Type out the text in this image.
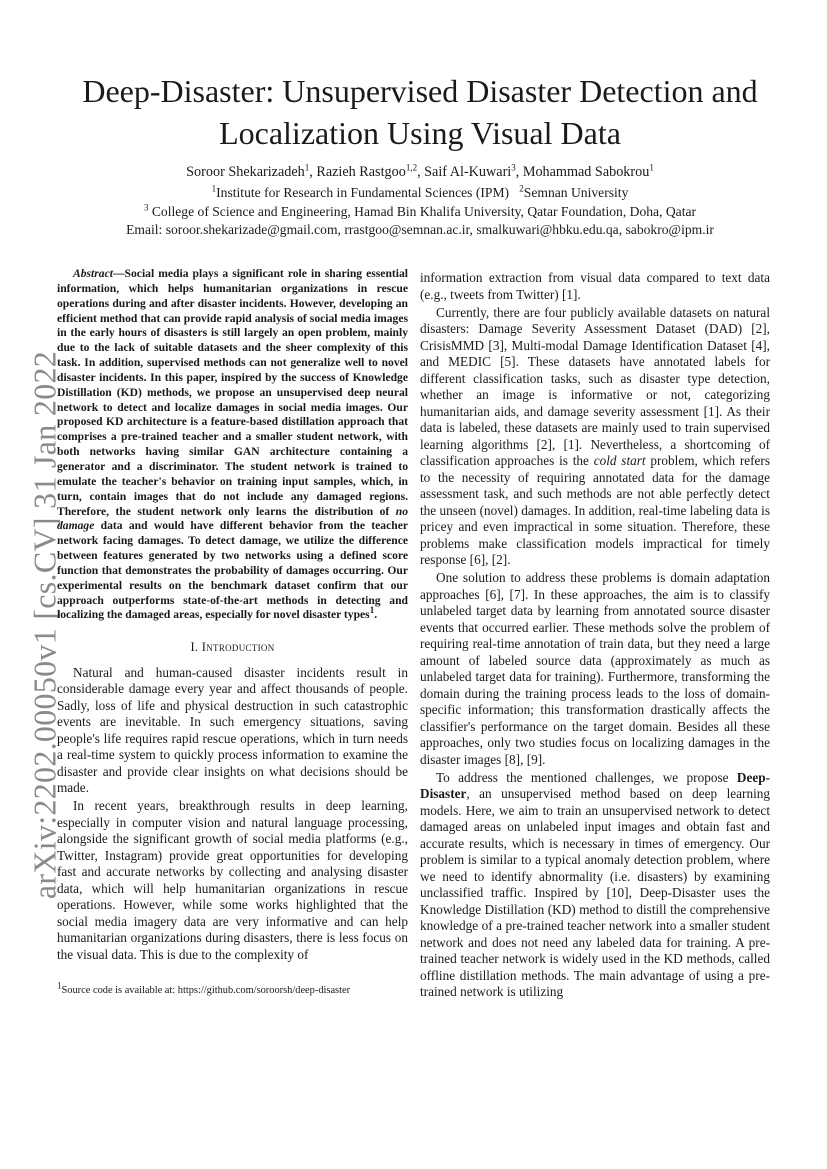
Deep-Disaster: Unsupervised Disaster Detection and
Localization Using Visual Data
Soroor Shekarizadeh$^1$, Razieh Rastgoo$^{1,2}$, Saif Al-Kuwari$^3$, Mohammad Sabokrou$^1$
$^1$Institute for Research in Fundamental Sciences (IPM) $^2$Semnan University
$^3$ College of Science and Engineering, Hamad Bin Khalifa University, Qatar Foundation, Doha, Qatar
Email: soroor.shekarizade@gmail.com, rrastgoo@semnan.ac.ir, smalkuwari@hbku.edu.qa, sabokro@ipm.ir
arXiv:2202.00050v1 [cs.CV] 31 Jan 2022

Abstract—Social media plays a significant role in sharing essential information, which helps humanitarian organizations in rescue operations during and after disaster incidents. However, developing an efficient method that can provide rapid analysis of social media images in the early hours of disasters is still largely an open problem, mainly due to the lack of suitable datasets and the sheer complexity of this task. In addition, supervised methods can not generalize well to novel disaster incidents. In this paper, inspired by the success of Knowledge Distillation (KD) methods, we propose an unsupervised deep neural network to detect and localize damages in social media images. Our proposed KD architecture is a feature-based distillation approach that comprises a pre-trained teacher and a smaller student network, with both networks having similar GAN architecture containing a generator and a discriminator. The student network is trained to emulate the teacher's behavior on training input samples, which, in turn, contain images that do not include any damaged regions. Therefore, the student network only learns the distribution of no damage data and would have different behavior from the teacher network facing damages. To detect damage, we utilize the difference between features generated by two networks using a defined score function that demonstrates the probability of damages occurring. Our experimental results on the benchmark dataset confirm that our approach outperforms state-of-the-art methods in detecting and localizing the damaged areas, especially for novel disaster types$^1$.

I. Introduction

Natural and human-caused disaster incidents result in considerable damage every year and affect thousands of people. Sadly, loss of life and physical destruction in such catastrophic events are inevitable. In such emergency situations, saving people's life requires rapid rescue operations, which in turn needs a real-time system to quickly process information to examine the disaster and provide clear insights on what decisions should be made.

In recent years, breakthrough results in deep learning, especially in computer vision and natural language processing, alongside the significant growth of social media platforms (e.g., Twitter, Instagram) provide great opportunities for developing fast and accurate networks by collecting and analysing disaster data, which will help humanitarian organizations in rescue operations. However, while some works highlighted that the social media imagery data are very informative and can help humanitarian organizations during disasters, there is less focus on the visual data. This is due to the complexity of

$^1$Source code is available at: https://github.com/soroorsh/deep-disaster

information extraction from visual data compared to text data (e.g., tweets from Twitter) [1].

Currently, there are four publicly available datasets on natural disasters: Damage Severity Assessment Dataset (DAD) [2], CrisisMMD [3], Multi-modal Damage Identification Dataset [4], and MEDIC [5]. These datasets have annotated labels for different classification tasks, such as disaster type detection, whether an image is informative or not, categorizing humanitarian aids, and damage severity assessment [1]. As their data is labeled, these datasets are mainly used to train supervised learning algorithms [2], [1]. Nevertheless, a shortcoming of classification approaches is the cold start problem, which refers to the necessity of requiring annotated data for the damage assessment task, and such methods are not able perfectly detect the unseen (novel) damages. In addition, real-time labeling data is pricey and even impractical in some situation. Therefore, these problems make classification models impractical for timely response [6], [2].

One solution to address these problems is domain adaptation approaches [6], [7]. In these approaches, the aim is to classify unlabeled target data by learning from annotated source disaster events that occurred earlier. These methods solve the problem of requiring real-time annotation of train data, but they need a large amount of labeled source data (approximately as much as unlabeled target data for training). Furthermore, transforming the domain during the training process leads to the loss of domain-specific information; this transformation drastically affects the classifier's performance on the target domain. Besides all these approaches, only two studies focus on localizing damages in the disaster images [8], [9].

To address the mentioned challenges, we propose Deep-Disaster, an unsupervised method based on deep learning models. Here, we aim to train an unsupervised network to detect damaged areas on unlabeled input images and obtain fast and accurate results, which is necessary in times of emergency. Our problem is similar to a typical anomaly detection problem, where we need to identify abnormality (i.e. disasters) by examining unclassified traffic. Inspired by [10], Deep-Disaster uses the Knowledge Distillation (KD) method to distill the comprehensive knowledge of a pre-trained teacher network into a smaller student network and does not need any labeled data for training. A pre-trained teacher network is widely used in the KD methods, called offline distillation methods. The main advantage of using a pre-trained network is utilizing
